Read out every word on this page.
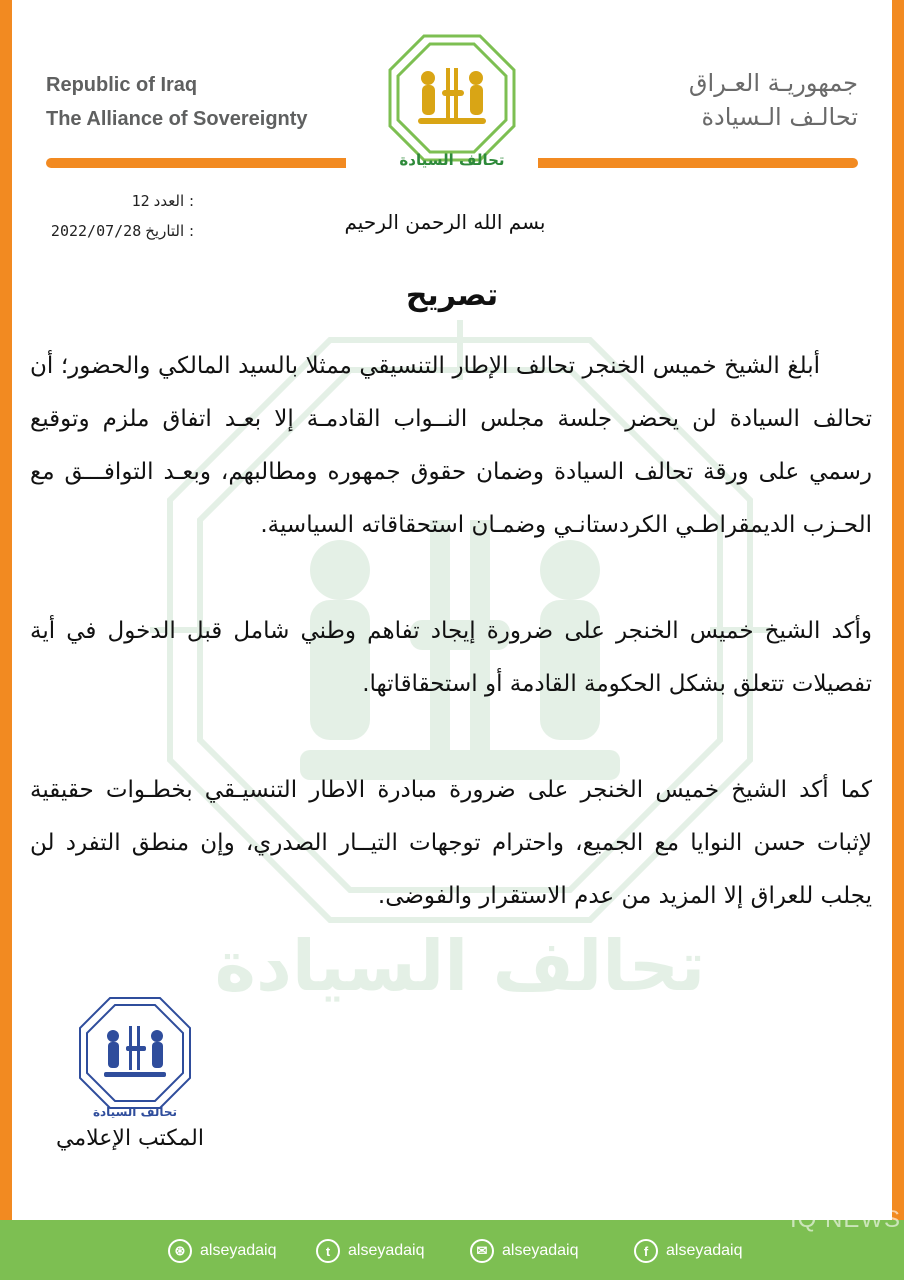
تحالف السيادة
Republic of Iraq
The Alliance of Sovereignty
جمهوريـة العـراق
تحالـف الـسيادة
تحالف السيادة
12 العدد :
2022/07/28 التاريخ :	بسم الله الرحمن الرحيم
تصريح

أبلغ الشيخ خميس الخنجر تحالف الإطار التنسيقي ممثلا بالسيد المالكي والحضور؛ أن تحالف السيادة لن يحضر جلسة مجلس النــواب القادمـة إلا بعـد اتفاق ملزم وتوقيع رسمي على ورقة تحالف السيادة وضمان حقوق جمهوره ومطالبهم، وبعـد التوافـــق مع الحـزب الديمقراطـي الكردستانـي وضمـان استحقاقاته السياسية.

وأكد الشيخ خميس الخنجر على ضرورة إيجاد تفاهم وطني شامل قبل الدخول في أية تفصيلات تتعلق بشكل الحكومة القادمة أو استحقاقاتها.

كما أكد الشيخ خميس الخنجر على ضرورة مبادرة الاطار التنسيـقي بخطـوات حقيقية لإثبات حسن النوايا مع الجميع، واحترام توجهات التيــار الصدري، وإن منطق التفرد لن يجلب للعراق إلا المزيد من عدم الاستقرار والفوضى.

تحالف السيادة
المكتب الإعلامي
⊛ alseyadaiq	t	alseyadaiq	✉ alseyadaiq	f	alseyadaiq
IQ NEWS
